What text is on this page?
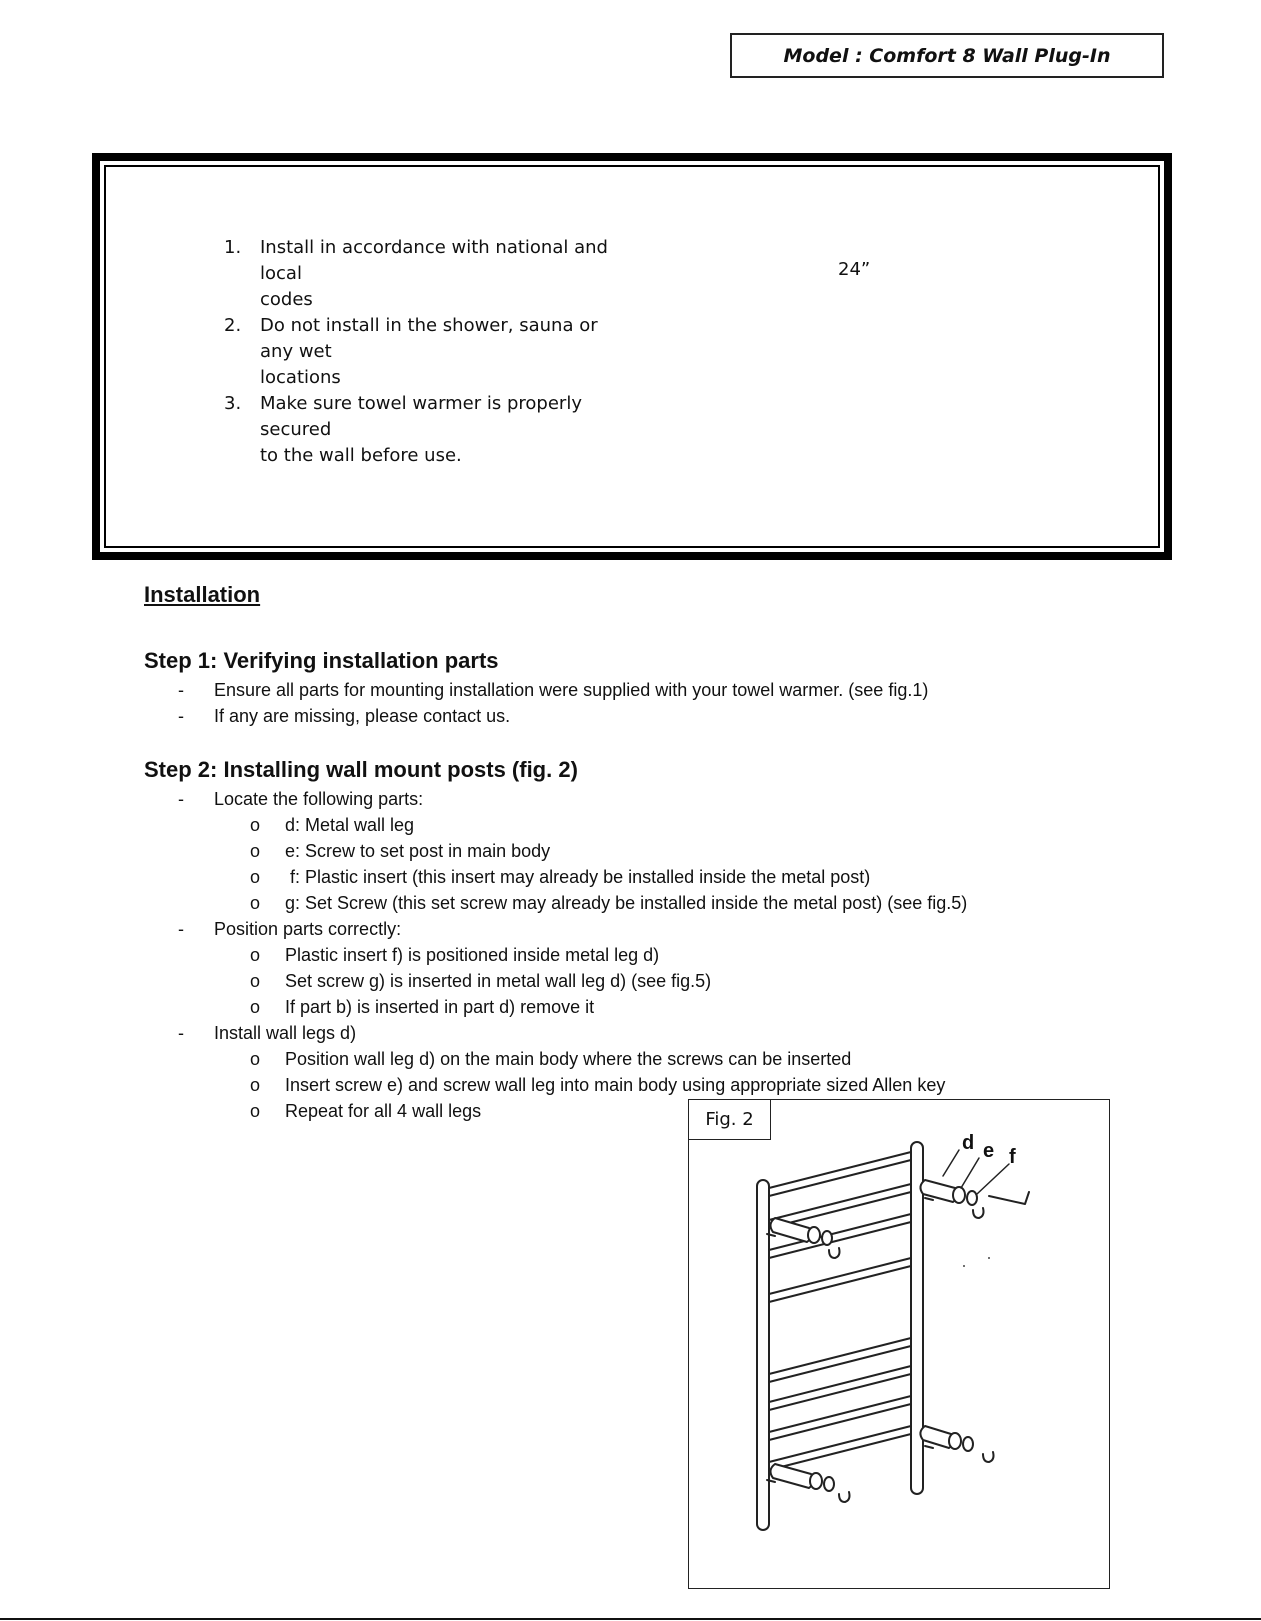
Model : Comfort 8 Wall Plug-In
1. Install in accordance with national and local
codes
2. Do not install in the shower, sauna or any wet
locations
3. Make sure towel warmer is properly secured
to the wall before use.
24”
Installation
Step 1: Verifying installation parts
- Ensure all parts for mounting installation were supplied with your towel warmer. (see fig.1)
- If any are missing, please contact us.
Step 2: Installing wall mount posts (fig. 2)
- Locate the following parts:
o d: Metal wall leg
o e: Screw to set post in main body
o f: Plastic insert (this insert may already be installed inside the metal post)
o g: Set Screw (this set screw may already be installed inside the metal post) (see fig.5)
- Position parts correctly:
o Plastic insert f) is positioned inside metal leg d)
o Set screw g) is inserted in metal wall leg d) (see fig.5)
o If part b) is inserted in part d) remove it
- Install wall legs d)
o Position wall leg d) on the main body where the screws can be inserted
o Insert screw e) and screw wall leg into main body using appropriate sized Allen key
o Repeat for all 4 wall legs
d e f
Fig. 2
